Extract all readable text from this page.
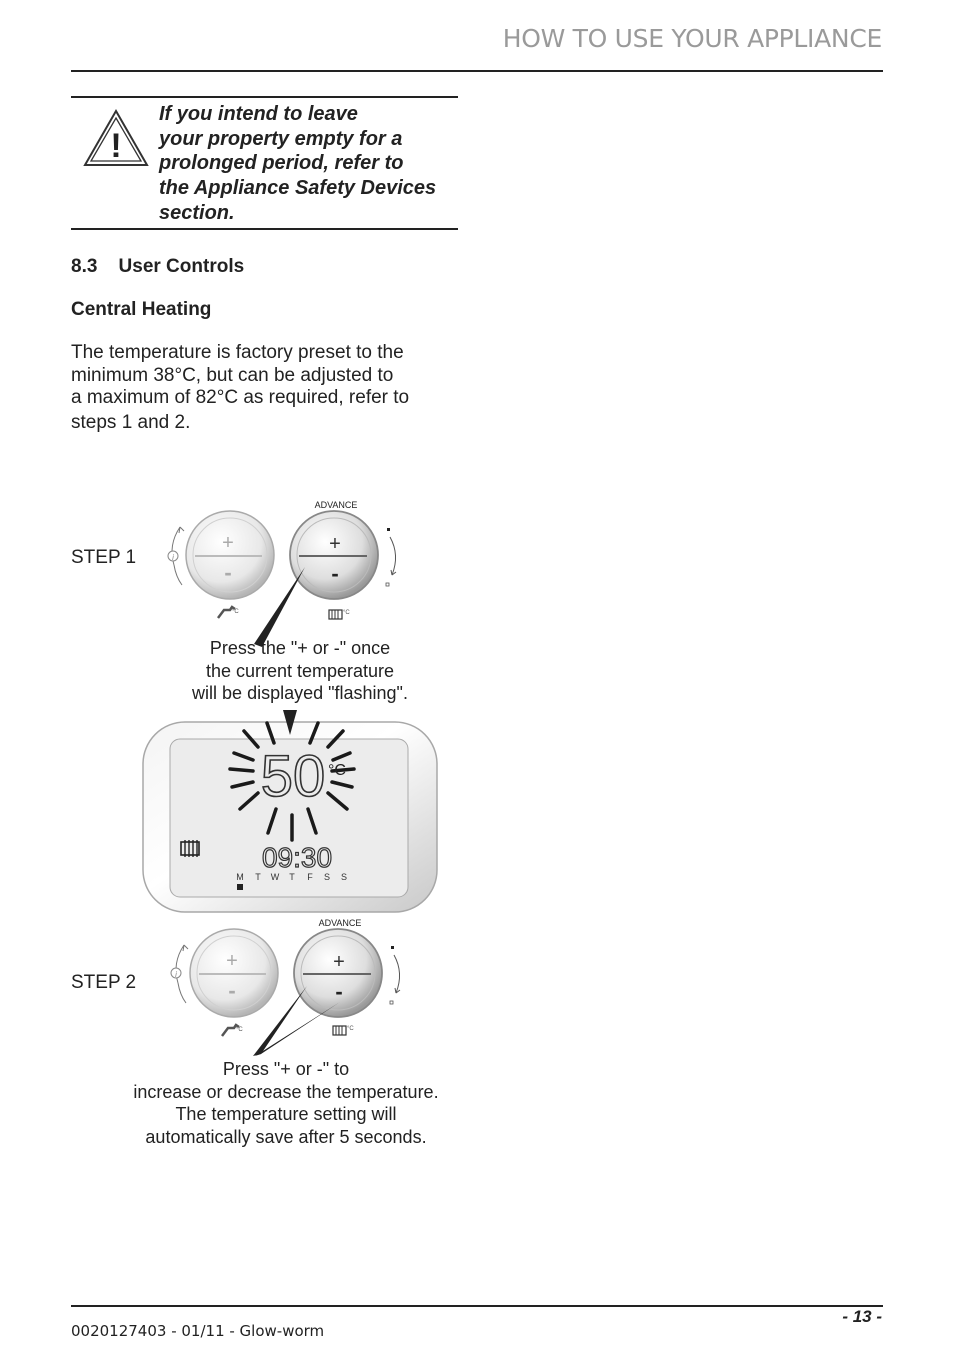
HOW TO USE YOUR APPLIANCE
!
If you intend to leave
your property empty for a
prolonged period, refer to
the Appliance Safety Devices
section.
8.3    User Controls
Central Heating
The temperature is factory preset to the
minimum 38°C, but can be adjusted to
a maximum of 82°C as required, refer to
steps 1 and 2.
STEP 1	i
+
-
°C
ADVANCE
+
-
°C
Press the "+ or -" once
the current temperature
will be displayed "flashing".
50 °C
09:30
M T W T F S S
STEP 2	i
+
-
°C
ADVANCE
+
-
°C
Press "+ or -" to
increase or decrease the temperature.
The temperature setting will
automatically save after 5 seconds.
0020127403 - 01/11 - Glow-worm
- 13 -
